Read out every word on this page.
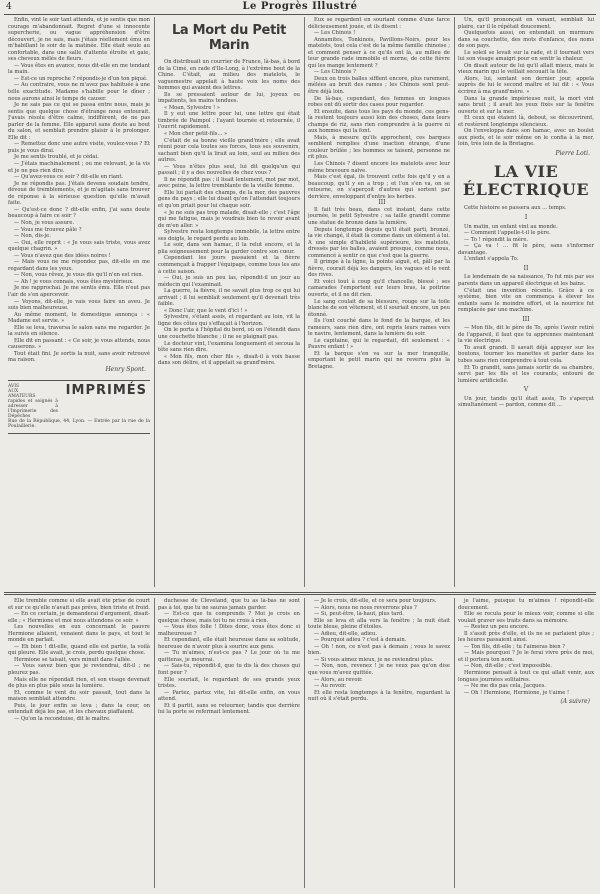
4	Le Progrès Illustré

Enfin, vint le soir tant attendu, et je sentis que mon courage m'abandonnait. Regret d'une si innocente supercherie, ou vague appréhension d'être découvert, je ne sais, mais j'étais réellement ému en m'habillant le soir de la matinée. Elle était seule au confortable, dans une salle d'attente étroite et gaie, ses cheveux mêlés de fleurs.

— Vous êtes en avance, nous dit-elle en me tendant la main.

— Est-ce un reproche ? répondis-je d'un ton piqué.

— Au contraire, vous ne m'avez pas habituée à une telle exactitude. Madame s'habille pour le dîner ; nous aurons ainsi le temps de causer.

Je ne sais pas ce qui se passa entre nous, mais je sentis que quelque chose d'étrange nous entourait. J'avais résolu d'être calme, indifférent, de ne pas parler de la femme. Elle apparut sans doute au bout du salon, et semblait prendre plaisir à le prolonger. Elle dit :

— Remettez donc une autre visite, voulez-vous ? Et puis je vous dirai.

Je me sentis troublé, et je cédai.

— J'étais machinalement ; ou me relevant, je la vis et je ne pus rien dire.

— Qu'avez-vous ce soir ? dit-elle en riant.

Je ne répondis pas. J'étais devenu soudain tendre, dévoué de tremblements, et je m'agitais sans trouver de réponse à la sérieuse question qu'elle m'avait faite.

— Qu'est-ce donc ? dit-elle enfin, j'ai sans doute beaucoup à faire ce soir ?

— Non, je vous assure.

— Vous me trouvez pâle ?

— Non, dis-je.

— Oui, elle reprit : « Je vous sais triste, vous avez quelque chagrin. »

— Vous n'avez que des idées noires !

— Mais vous ne me répondez pas, dit-elle en me regardant dans les yeux.

— Non, vous rêvez, je vous dis qu'il n'en est rien.

— Ah ! je vous connais, vous êtes mystérieux.

Je me rapprochai. Je me sentis ému. Elle n'eut pas l'air de s'en apercevoir.

— Voyons, dit-elle, je vais vous faire un aveu. Je suis bien malheureuse.

Au même moment, le domestique annonça : « Madame est servie. »

Elle se leva, traversa le salon sans me regarder. Je la suivis en silence.

Elle dit en passant : « Ce soir, je vous attends, nous causerons. »

Tout était fini. Je sortis la nuit, sans avoir retrouvé ma raison.

Henry Spont.
AVIS AUX AMATEURS IMPRIMÉS rapides et soignés à adresser à l'Imprimerie des Dépêches
Rue de la République, 44, Lyon. — Entrée par la rue de la Poulaillerie.
La Mort du Petit Marin

On distribuait un courrier de France, là-bas, à bord de la Cimé, en rade d'Ile-Long, à l'extrême bout de la Chine. C'était, au milieu des matelots, le vaguemestre appelait à haute voix les noms des hommes qui avaient des lettres.

Ils se pressaient autour de lui, joyeux ou impatients, les mains tendues.

« Moan, Sylvestre ! »

Il y eut une lettre pour lui, une lettre qui était timbrée de Paimpol ; l'ayant tournée et retournée, il l'ouvrit rapidement.

« Mon cher petit-fils... »

C'était de sa bonne vieille grand'mère ; elle avait réuni pour cela toutes ses forces, tous ses souvenirs, sachant bien qu'il la lirait au loin, seul au milieu des autres.

— Vous n'êtes plus seul, lui dit quelqu'un qui passait ; il y a des nouvelles de chez vous ?

Il ne répondit pas ; il lisait lentement, mot par mot, avec peine, la lettre tremblante de la vieille femme.

Elle lui parlait des champs, de la mer, des pauvres gens du pays ; elle lui disait qu'on l'attendait toujours et qu'on priait pour lui chaque soir.

« Je ne suis pas trop malade, disait-elle ; c'est l'âge qui me fatigue, mais je voudrais bien te revoir avant de m'en aller. »

Sylvestre resta longtemps immobile, la lettre entre ses doigts, le regard perdu au loin.

Le soir, dans son hamac, il la relut encore, et la plia soigneusement pour la garder contre son cœur.

Cependant les jours passaient et la fièvre commençait à frapper l'équipage, comme tous les ans à cette saison.

— Oui, je suis un peu las, répondit-il un jour au médecin qui l'examinait.

La guerre, la fièvre, il ne savait plus trop ce qui lui arrivait ; il lui semblait seulement qu'il devenait très faible.

« Donc l'air, que le vent d'ici ! »

Sylvestre, s'étant assis, et regardant au loin, vit la ligne des côtes qui s'effaçait à l'horizon.

On le porta à l'hôpital du bord, où on l'étendit dans une couchette blanche ; il ne se plaignait pas.

Le docteur vint, l'examina longuement et secoua la tête sans rien dire.

« Mon fils, mon cher fils », disait-il à voix basse dans son délire, et il appelait sa grand'mère.

Eux se regardent en souriant comme d'une farce délicieusement jouée, et ils disent :

— Les Chinois !

Annamites, Tonkinois, Pavillons-Noirs, pour les matelots, tout cela c'est de la même famille chinoise ; et comment penser à ce qu'ils ont là, au milieu de leur grande rade immobile et morne, de cette fièvre qui les mange lentement ?

— Les Chinois ?

Deux ou trois balles sifflent encore, plus rarement, mêlées au bruit des rames ; les Chinois sont peut-être déjà loin.

De là-bas, cependant, des femmes en longues robes ont dû sortir des cases pour regarder.

Et ensuite, dans tous les pays du monde, ces gens-là restent toujours aussi loin des choses, dans leurs champs de riz, sans rien comprendre à la guerre ni aux hommes qui la font.

Mais, à mesure qu'ils approchent, ces barques semblent remplies d'une inaction étrange, d'une couleur brûlée ; les hommes se taisent, personne ne rit plus.

Les Chinois ? disent encore les matelots avec leur même bravoure naïve.

Mais c'est égal, ils trouvent cette fois qu'il y en a beaucoup, qu'il y en a trop ; et l'on s'en va, on se retourne, on s'aperçoit d'autres qui sortent par derrière, enveloppant d'entre les herbes.

III

Il fait très beau, dans cet instant, dans cette journée, le petit Sylvestre ; sa taille grandit comme une statue de bronze dans la lumière.

Depuis longtemps depuis qu'il était parti, bronzé, la vie changé, il était là comme dans un élément à lui. A une simple d'habileté supérieure, les matelots, dressés par les balles, avaient presque, comme nous, commencé à sentir ce que c'est que la guerre.

Il grimpe à la ligne, la pointe aiguë, et, pâli par la fièvre, courait déjà les dangers, les vagues et le vent des rives.

Et voici tout à coup qu'il chancelle, blessé ; ses camarades l'emportent sur leurs bras, la poitrine ouverte, et il ne dit rien.

Le sang coulait de sa blessure, rouge sur la toile blanche de son vêtement, et il souriait encore, un peu étonné.

Ils l'ont couché dans le fond de la barque, et les rameurs, sans rien dire, ont repris leurs rames vers le navire, lentement, dans la lumière du soir.

Le capitaine, qui le regardait, dit seulement : « Pauvre enfant ! »

Et la barque s'en va sur la mer tranquille, emportant le petit marin qui ne reverra plus la Bretagne.

Un, qu'il prononçait en venant, semblait lui plaire, car il le répétait doucement.

Quelquefois aussi, on entendait un murmure dans sa couchette, des mots d'enfance, des noms de son pays.

Le soleil se levait sur la rade, et il tournait vers lui son visage amaigri pour en sentir la chaleur.

On disait autour de lui qu'il allait mieux, mais le vieux marin qui le veillait secouait la tête.

Alors, lui, sentant son dernier jour, appela auprès de lui le second maître et lui dit : « Vous écrirez à ma grand'mère. »

Dans la grande impérieuse nuit, la mort vint sans bruit ; il avait les yeux fixés sur la fenêtre ouverte et sur la mer.

Et ceux qui étaient là, debout, se découvrirent, et restèrent longtemps silencieux.

On l'enveloppa dans son hamac, avec un boulet aux pieds, et le soir même on le confia à la mer, loin, très loin de la Bretagne.

Pierre Loti.
LA VIE ÉLECTRIQUE

Cette histoire se passera aux ... temps.

I

Un matin, un enfant vint au monde.

— Comment l'appelle-t-il le père.

— To ! répondit la mère.

— Ça va ! ... fit le père, sans s'informer davantage.

L'enfant s'appela To.

II

Le lendemain de sa naissance, To fut mis par ses parents dans un appareil électrique et les bains.

C'était une invention récente. Grâce à ce système, bien vite on commença à élever les enfants sans le moindre effort, et la nourrice fut remplacée par une machine.

III

— Mon fils, dit le père de To, après l'avoir retiré de l'appareil, il faut que tu apprennes maintenant la vie électrique.

To avait grandi. Il savait déjà appuyer sur les boutons, tourner les manettes et parler dans les tubes sans rien comprendre à tout cela.

Et To grandit, sans jamais sortir de sa chambre, servi par les fils et les courants, entouré de lumière artificielle.

V

Un jour, tandis qu'il était assis, To s'aperçut simultanément — pardon, comme dit ...

Elle tremble comme si elle avait été prise de court et sur ce qu'elle n'avait pas prévu, bien triste et froid.

— En ce certain, je demanderai d'argument, disait-elle ; « Hermione et moi nous attendons ce soir. »

Les nouvelles en eux concernant le pauvre Hermione allaient, venaient dans le pays, et tout le monde en parlait.

— Eh bien ! dit-elle, quand elle est partie, la voilà qui pleure. Elle avait, je crois, perdu quelque chose.

Hermione se taisait, vers minuit dans l'allée.

— Vous savez bien que je reviendrai, dit-il ; ne pleurez pas.

Mais elle ne répondait rien, et son visage devenait de plus en plus pâle sous la lumière.

Et, comme le vent du soir passait, tout dans la maison semblait attendre.

Puis, le jour enfin se leva ; dans la cour, on entendait déjà les pas, et les chevaux piaffaient.

— Qu'on la reconduise, dit le maître.

duchesse de Cleveland, que tu as là-bas ne sont pas à toi, que tu ne sauras jamais garder.

— Est-ce que tu comprends ? Moi je crois en quelque chose, mais toi tu ne crois à rien.

— Vous êtes folle ! Dites donc, vous êtes donc si malheureuse ?

Et cependant, elle était heureuse dans sa solitude, heureuse de n'avoir plus à sourire aux gens.

— Tu m'aimes, n'est-ce pas ? Le jour où tu me quitteras, je mourrai.

— Sais-tu, répondit-il, que tu dis là des choses qui font peur ?

Elle souriait, le regardant de ses grands yeux tristes.

— Partez, partez vite, lui dit-elle enfin, on vous attend.

Et il partit, sans se retourner, tandis que derrière lui la porte se refermait lentement.

— Je le crois, dit-elle, et ce sera pour toujours.

— Alors, nous ne nous reverrons plus ?

— Si, peut-être, là-haut, plus tard.

Elle se leva et alla vers la fenêtre ; la nuit était toute bleue, pleine d'étoiles.

— Adieu, dit-elle, adieu.

— Pourquoi adieu ? c'est à demain.

— Oh ! non, ce n'est pas à demain ; vous le savez bien.

— Si vous aimez mieux, je ne reviendrai plus.

— Non, non, revenez ! je ne veux pas qu'on dise que vous m'avez quittée.

— Alors, au revoir.

— Au revoir.

Et elle resta longtemps à la fenêtre, regardant la nuit où il s'était perdu.

je l'aime, puisque tu m'aimes ! répondit-elle doucement.

Elle se recula pour le mieux voir, comme si elle voulait graver ses traits dans sa mémoire.

— Restez un peu encore.

Il s'assit près d'elle, et ils ne se parlaient plus ; les heures passaient ainsi.

— Ton fils, dit-elle ; tu l'aimeras bien ?

— Mais pourquoi ? Je le ferai vivre près de moi, et il portera ton nom.

— Non, dit-elle ; c'est impossible.

Hermione pensait à tout ce qui allait venir, aux longues journées solitaires.

— Ne me dis pas cela, Jacques.

— Oh ! Hermione, Hermione, je t'aime !

(A suivre)
